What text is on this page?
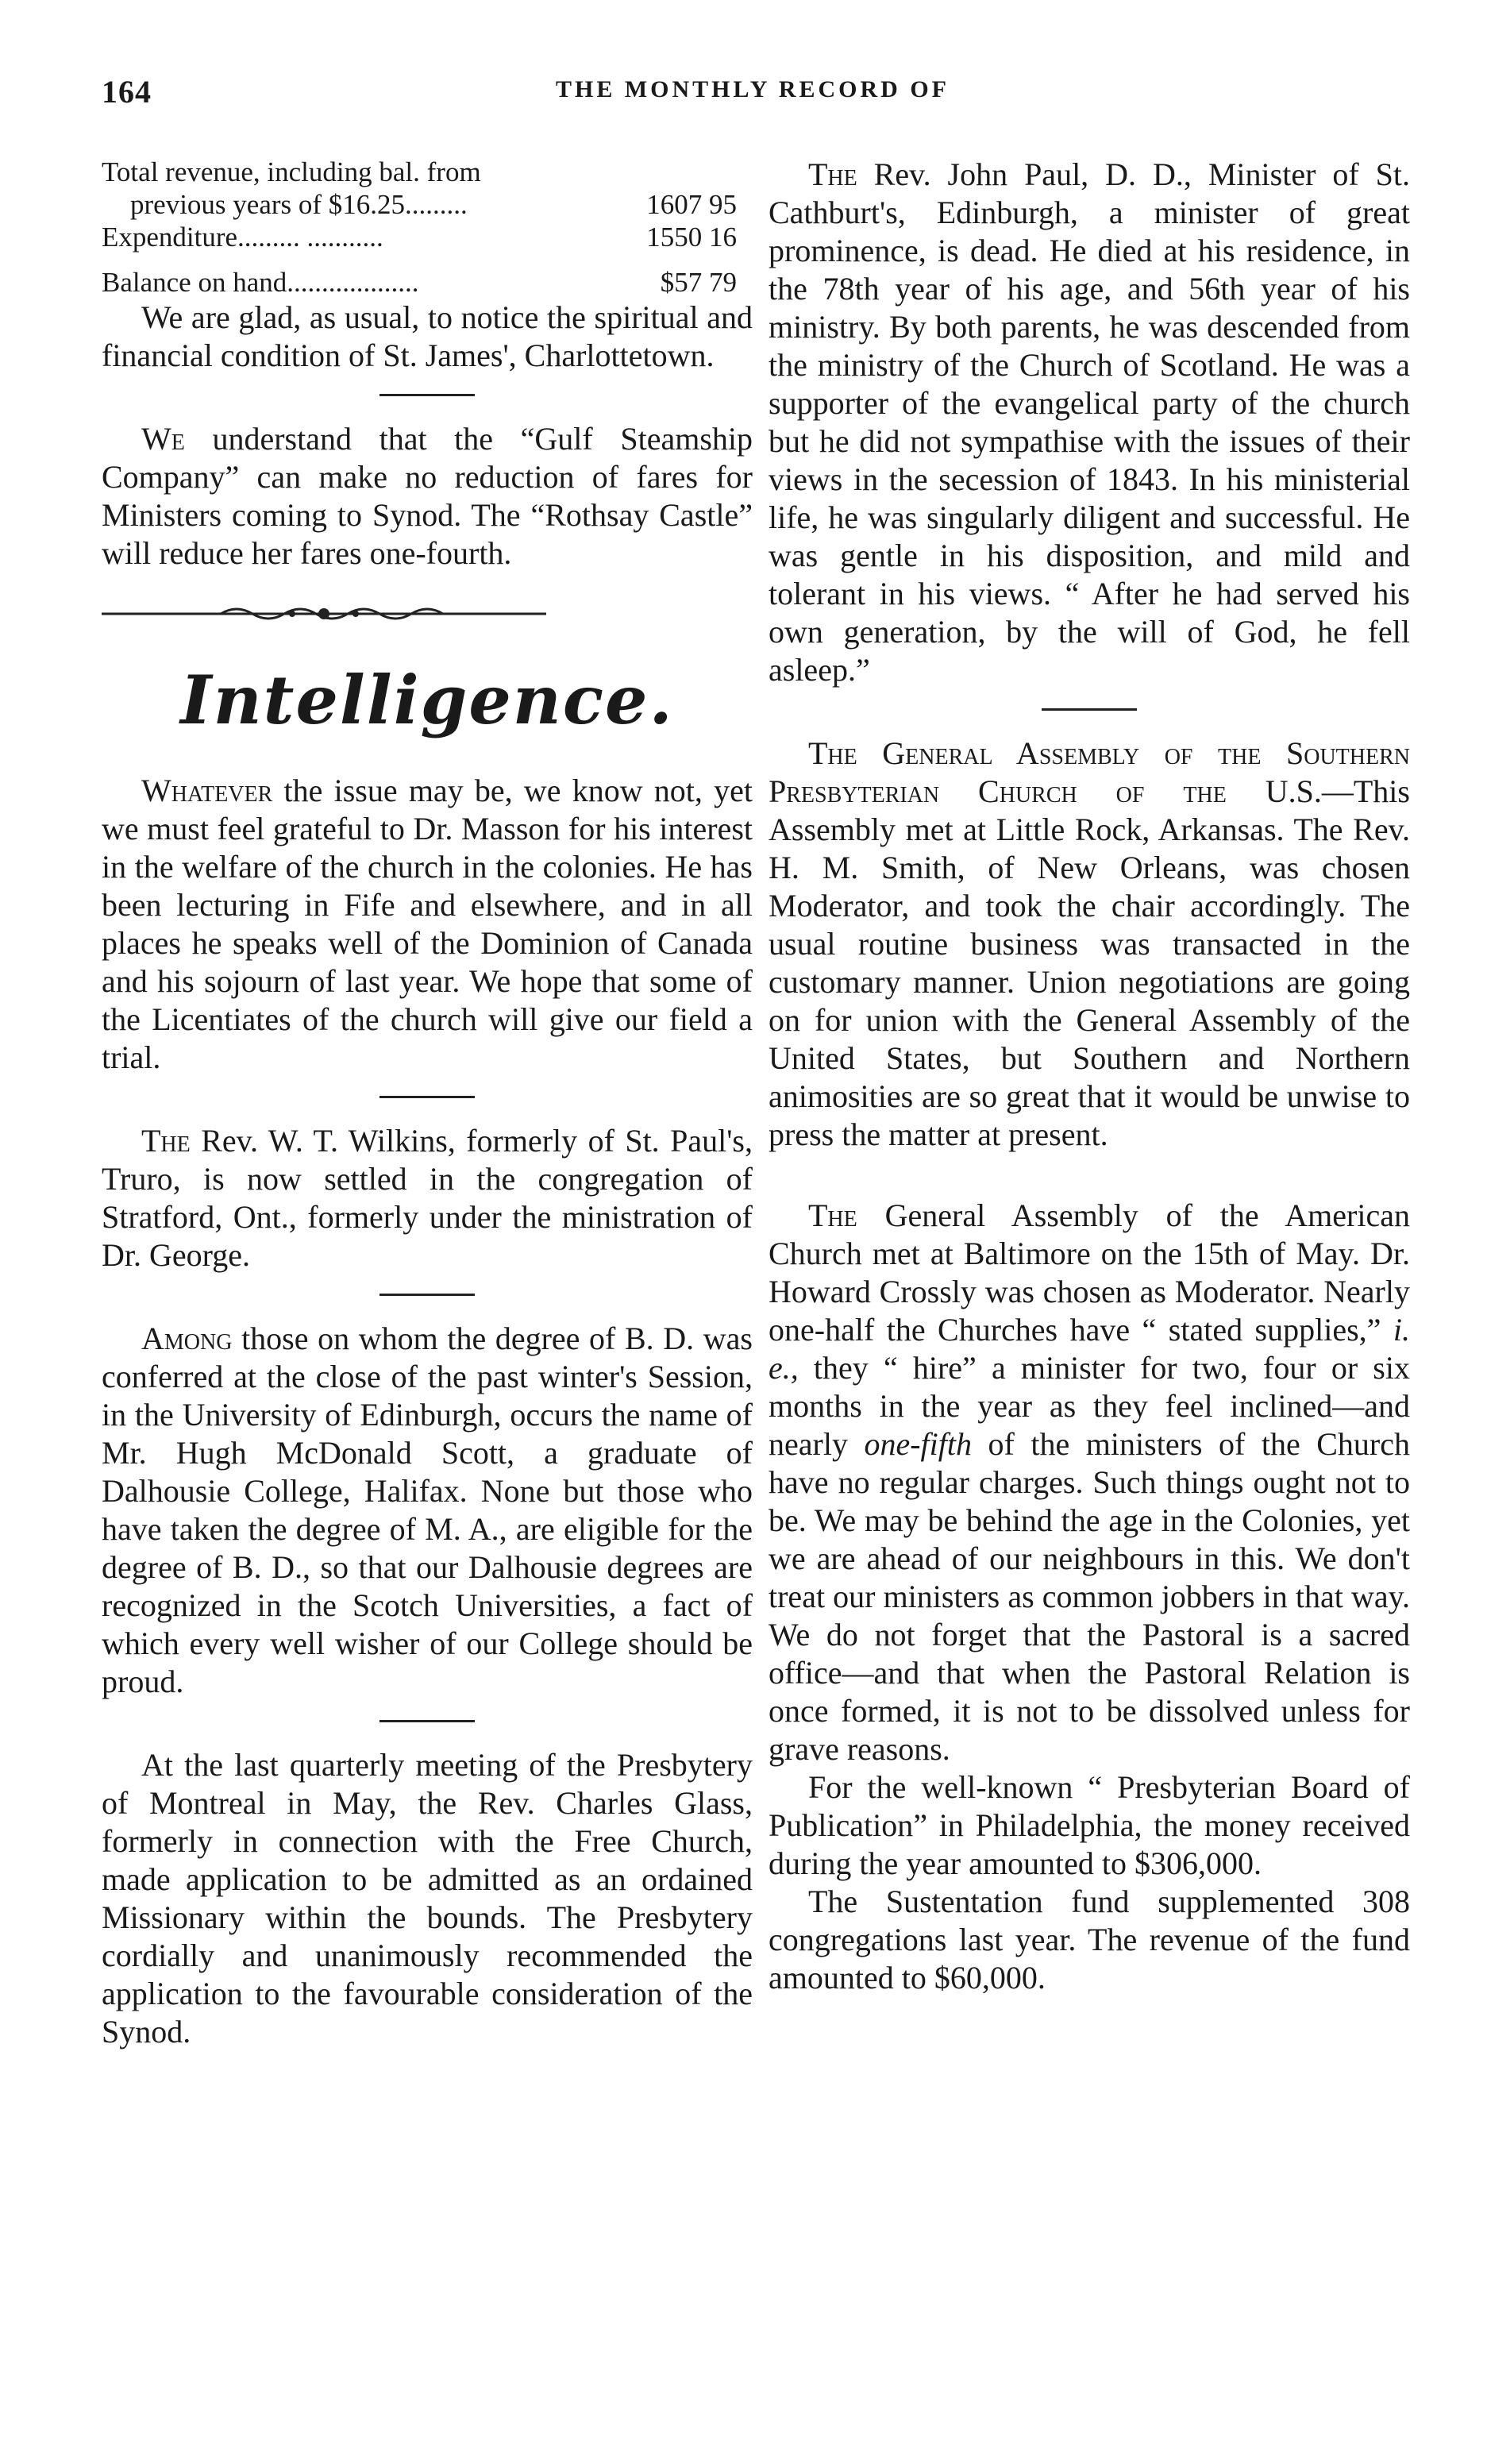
164	THE MONTHLY RECORD OF
Total revenue, including bal. from
previous years of $16.25.........	1607 95
Expenditure......... ...........	1550 16
Balance on hand...................	$57 79

We are glad, as usual, to notice the spiritual and financial condition of St. James', Charlottetown.

We understand that the “Gulf Steamship Company” can make no reduction of fares for Ministers coming to Synod. The “Rothsay Castle” will reduce her fares one-fourth.

Intelligence.

Whatever the issue may be, we know not, yet we must feel grateful to Dr. Masson for his interest in the welfare of the church in the colonies. He has been lecturing in Fife and elsewhere, and in all places he speaks well of the Dominion of Canada and his sojourn of last year. We hope that some of the Licentiates of the church will give our field a trial.

The Rev. W. T. Wilkins, formerly of St. Paul's, Truro, is now settled in the congregation of Stratford, Ont., formerly under the ministration of Dr. George.

Among those on whom the degree of B. D. was conferred at the close of the past winter's Session, in the University of Edinburgh, occurs the name of Mr. Hugh McDonald Scott, a graduate of Dalhousie College, Halifax. None but those who have taken the degree of M. A., are eligible for the degree of B. D., so that our Dalhousie degrees are recognized in the Scotch Universities, a fact of which every well wisher of our College should be proud.

At the last quarterly meeting of the Presbytery of Montreal in May, the Rev. Charles Glass, formerly in connection with the Free Church, made application to be admitted as an ordained Missionary within the bounds. The Presbytery cordially and unanimously recommended the application to the favourable consideration of the Synod.

The Rev. John Paul, D. D., Minister of St. Cathburt's, Edinburgh, a minister of great prominence, is dead. He died at his residence, in the 78th year of his age, and 56th year of his ministry. By both parents, he was descended from the ministry of the Church of Scotland. He was a supporter of the evangelical party of the church but he did not sympathise with the issues of their views in the secession of 1843. In his ministerial life, he was singularly diligent and successful. He was gentle in his disposition, and mild and tolerant in his views. “ After he had served his own generation, by the will of God, he fell asleep.”

The General Assembly of the Southern Presbyterian Church of the U.S.—This Assembly met at Little Rock, Arkansas. The Rev. H. M. Smith, of New Orleans, was chosen Moderator, and took the chair accordingly. The usual routine business was transacted in the customary manner. Union negotiations are going on for union with the General Assembly of the United States, but Southern and Northern animosities are so great that it would be unwise to press the matter at present.

The General Assembly of the American Church met at Baltimore on the 15th of May. Dr. Howard Crossly was chosen as Moderator. Nearly one-half the Churches have “ stated supplies,” i. e., they “ hire” a minister for two, four or six months in the year as they feel inclined—and nearly one-fifth of the ministers of the Church have no regular charges. Such things ought not to be. We may be behind the age in the Colonies, yet we are ahead of our neighbours in this. We don't treat our ministers as common jobbers in that way. We do not forget that the Pastoral is a sacred office—and that when the Pastoral Relation is once formed, it is not to be dissolved unless for grave reasons.

For the well-known “ Presbyterian Board of Publication” in Philadelphia, the money received during the year amounted to $306,000.

The Sustentation fund supplemented 308 congregations last year. The revenue of the fund amounted to $60,000.
